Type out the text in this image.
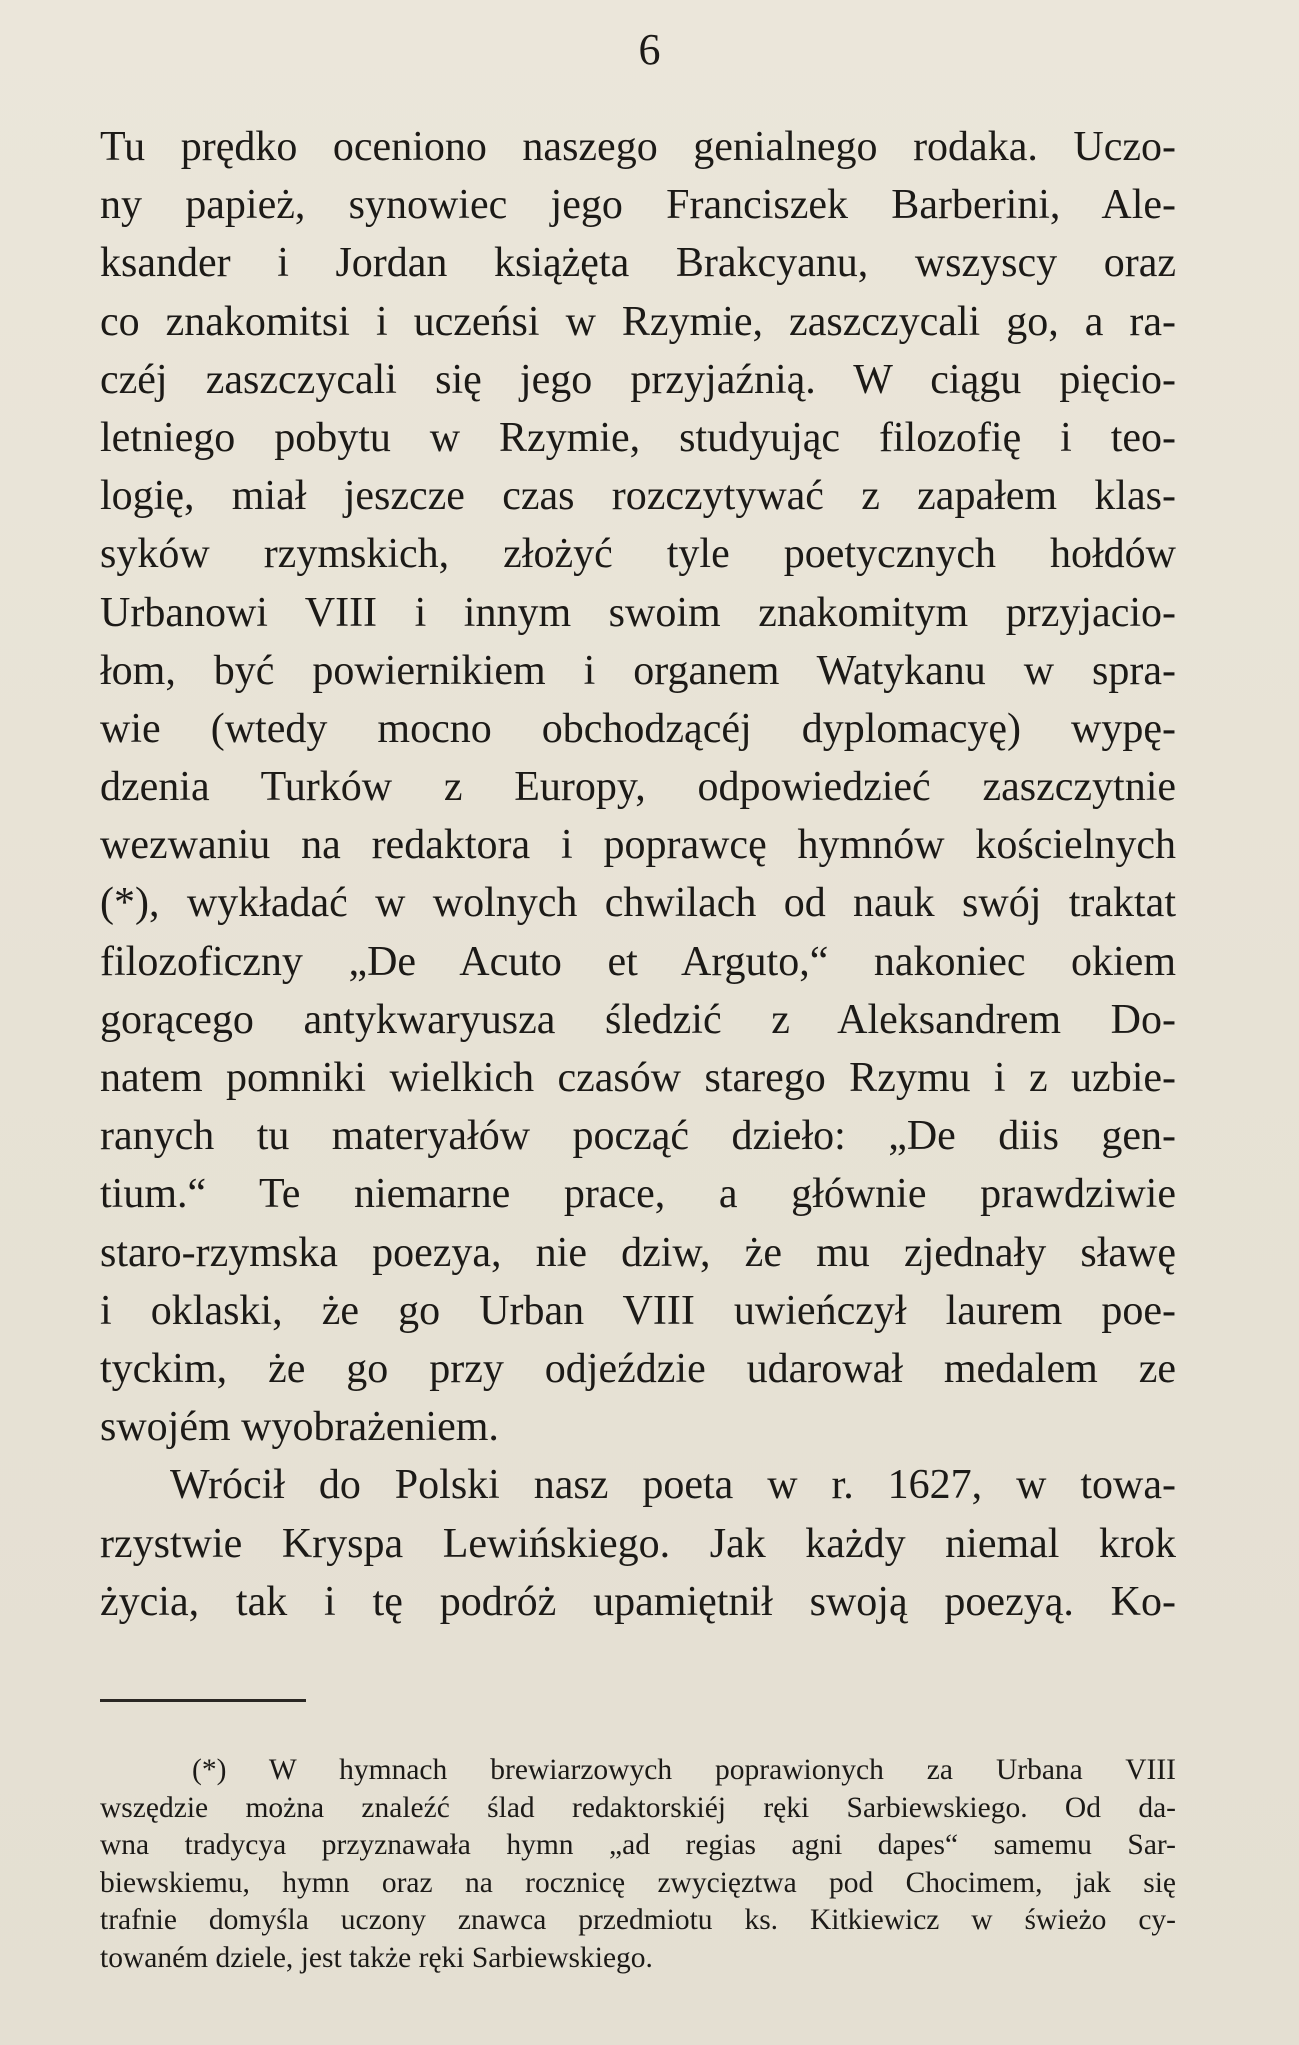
6
Tu prędko oceniono naszego genialnego rodaka. Uczo-
ny papież, synowiec jego Franciszek Barberini, Ale-
ksander i Jordan książęta Brakcyanu, wszyscy oraz
co znakomitsi i uczeńsi w Rzymie, zaszczycali go, a ra-
czéj zaszczycali się jego przyjaźnią. W ciągu pięcio-
letniego pobytu w Rzymie, studyując filozofię i teo-
logię, miał jeszcze czas rozczytywać z zapałem klas-
syków rzymskich, złożyć tyle poetycznych hołdów
Urbanowi VIII i innym swoim znakomitym przyjacio-
łom, być powiernikiem i organem Watykanu w spra-
wie (wtedy mocno obchodzącéj dyplomacyę) wypę-
dzenia Turków z Europy, odpowiedzieć zaszczytnie
wezwaniu na redaktora i poprawcę hymnów kościelnych
(*), wykładać w wolnych chwilach od nauk swój traktat
filozoficzny „De Acuto et Arguto,“ nakoniec okiem
gorącego antykwaryusza śledzić z Aleksandrem Do-
natem pomniki wielkich czasów starego Rzymu i z uzbie-
ranych tu materyałów począć dzieło: „De diis gen-
tium.“ Te niemarne prace, a głównie prawdziwie
staro-rzymska poezya, nie dziw, że mu zjednały sławę
i oklaski, że go Urban VIII uwieńczył laurem poe-
tyckim, że go przy odjeździe udarował medalem ze
swojém wyobrażeniem.
Wrócił do Polski nasz poeta w r. 1627, w towa-
rzystwie Kryspa Lewińskiego. Jak każdy niemal krok
życia, tak i tę podróż upamiętnił swoją poezyą. Ko-
(*) W hymnach brewiarzowych poprawionych za Urbana VIII
wszędzie można znaleźć ślad redaktorskiéj ręki Sarbiewskiego. Od da-
wna tradycya przyznawała hymn „ad regias agni dapes“ samemu Sar-
biewskiemu, hymn oraz na rocznicę zwycięztwa pod Chocimem, jak się
trafnie domyśla uczony znawca przedmiotu ks. Kitkiewicz w świeżo cy-
towaném dziele, jest także ręki Sarbiewskiego.
